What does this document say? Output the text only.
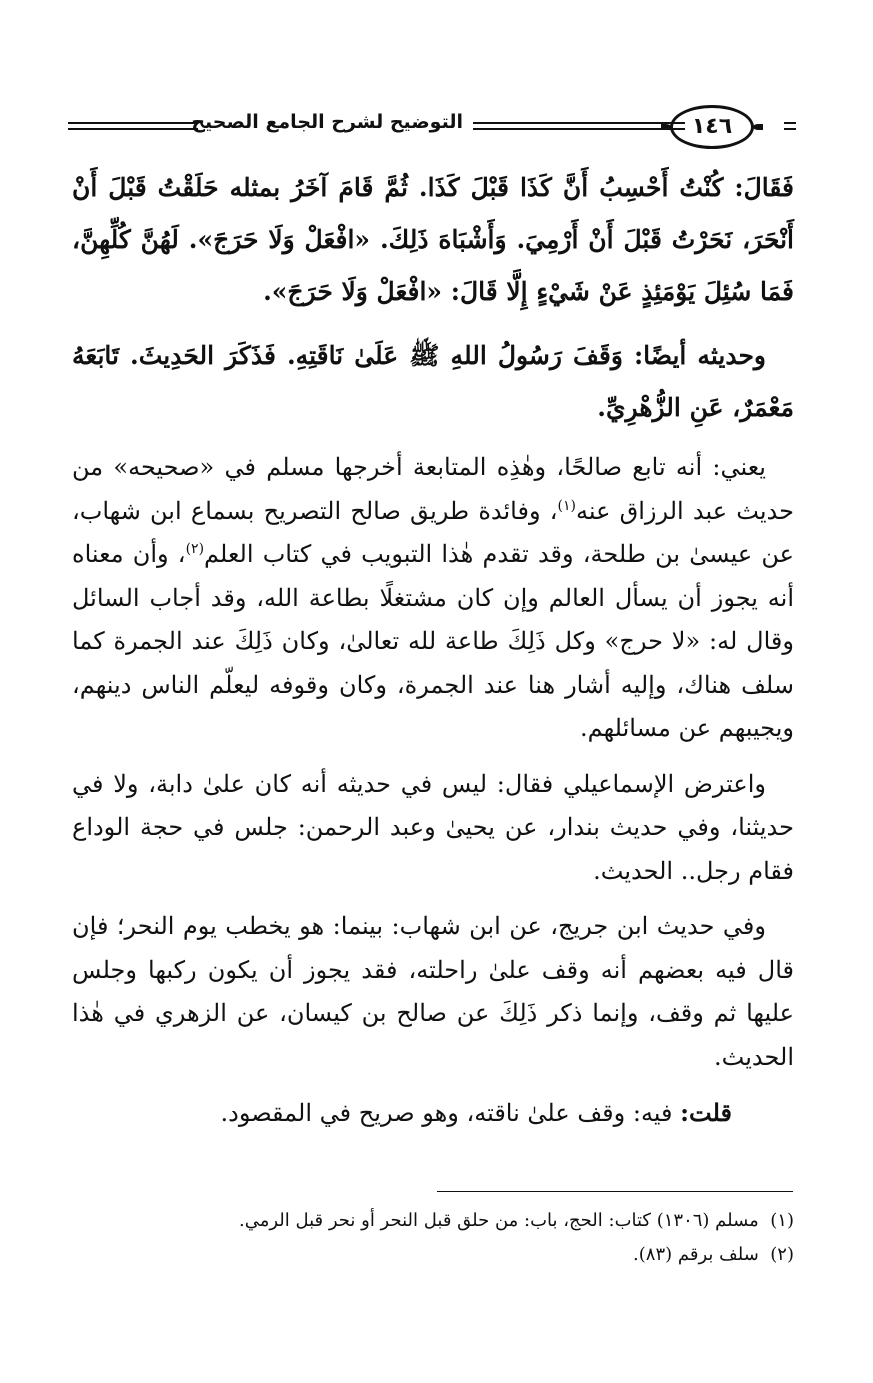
التوضيح لشرح الجامع الصحيح	١٤٦

فَقَالَ: كُنْتُ أَحْسِبُ أَنَّ كَذَا قَبْلَ كَذَا. ثُمَّ قَامَ آخَرُ بمثله حَلَقْتُ قَبْلَ أَنْ أَنْحَرَ، نَحَرْتُ قَبْلَ أَنْ أَرْمِيَ. وَأَشْبَاهَ ذَلِكَ. «افْعَلْ وَلَا حَرَجَ». لَهُنَّ كُلِّهِنَّ، فَمَا سُئِلَ يَوْمَئِذٍ عَنْ شَيْءٍ إِلَّا قَالَ: «افْعَلْ وَلَا حَرَجَ».

وحديثه أيضًا: وَقَفَ رَسُولُ اللهِ ﷺ عَلَىٰ نَاقَتِهِ. فَذَكَرَ الحَدِيثَ. تَابَعَهُ مَعْمَرٌ، عَنِ الزُّهْرِيِّ.

يعني: أنه تابع صالحًا، وهٰذِه المتابعة أخرجها مسلم في «صحيحه» من حديث عبد الرزاق عنه$^{(١)}$، وفائدة طريق صالح التصريح بسماع ابن شهاب، عن عيسىٰ بن طلحة، وقد تقدم هٰذا التبويب في كتاب العلم$^{(٢)}$، وأن معناه أنه يجوز أن يسأل العالم وإن كان مشتغلًا بطاعة الله، وقد أجاب السائل وقال له: «لا حرج» وكل ذَلِكَ طاعة لله تعالىٰ، وكان ذَلِكَ عند الجمرة كما سلف هناك، وإليه أشار هنا عند الجمرة، وكان وقوفه ليعلّم الناس دينهم، ويجيبهم عن مسائلهم.

واعترض الإسماعيلي فقال: ليس في حديثه أنه كان علىٰ دابة، ولا في حديثنا، وفي حديث بندار، عن يحيىٰ وعبد الرحمن: جلس في حجة الوداع فقام رجل.. الحديث.

وفي حديث ابن جريج، عن ابن شهاب: بينما: هو يخطب يوم النحر؛ فإن قال فيه بعضهم أنه وقف علىٰ راحلته، فقد يجوز أن يكون ركبها وجلس عليها ثم وقف، وإنما ذكر ذَلِكَ عن صالح بن كيسان، عن الزهري في هٰذا الحديث.

قلت: فيه: وقف علىٰ ناقته، وهو صريح في المقصود.

(١)  مسلم (١٣٠٦) كتاب: الحج، باب: من حلق قبل النحر أو نحر قبل الرمي.

(٢)  سلف برقم (٨٣).
